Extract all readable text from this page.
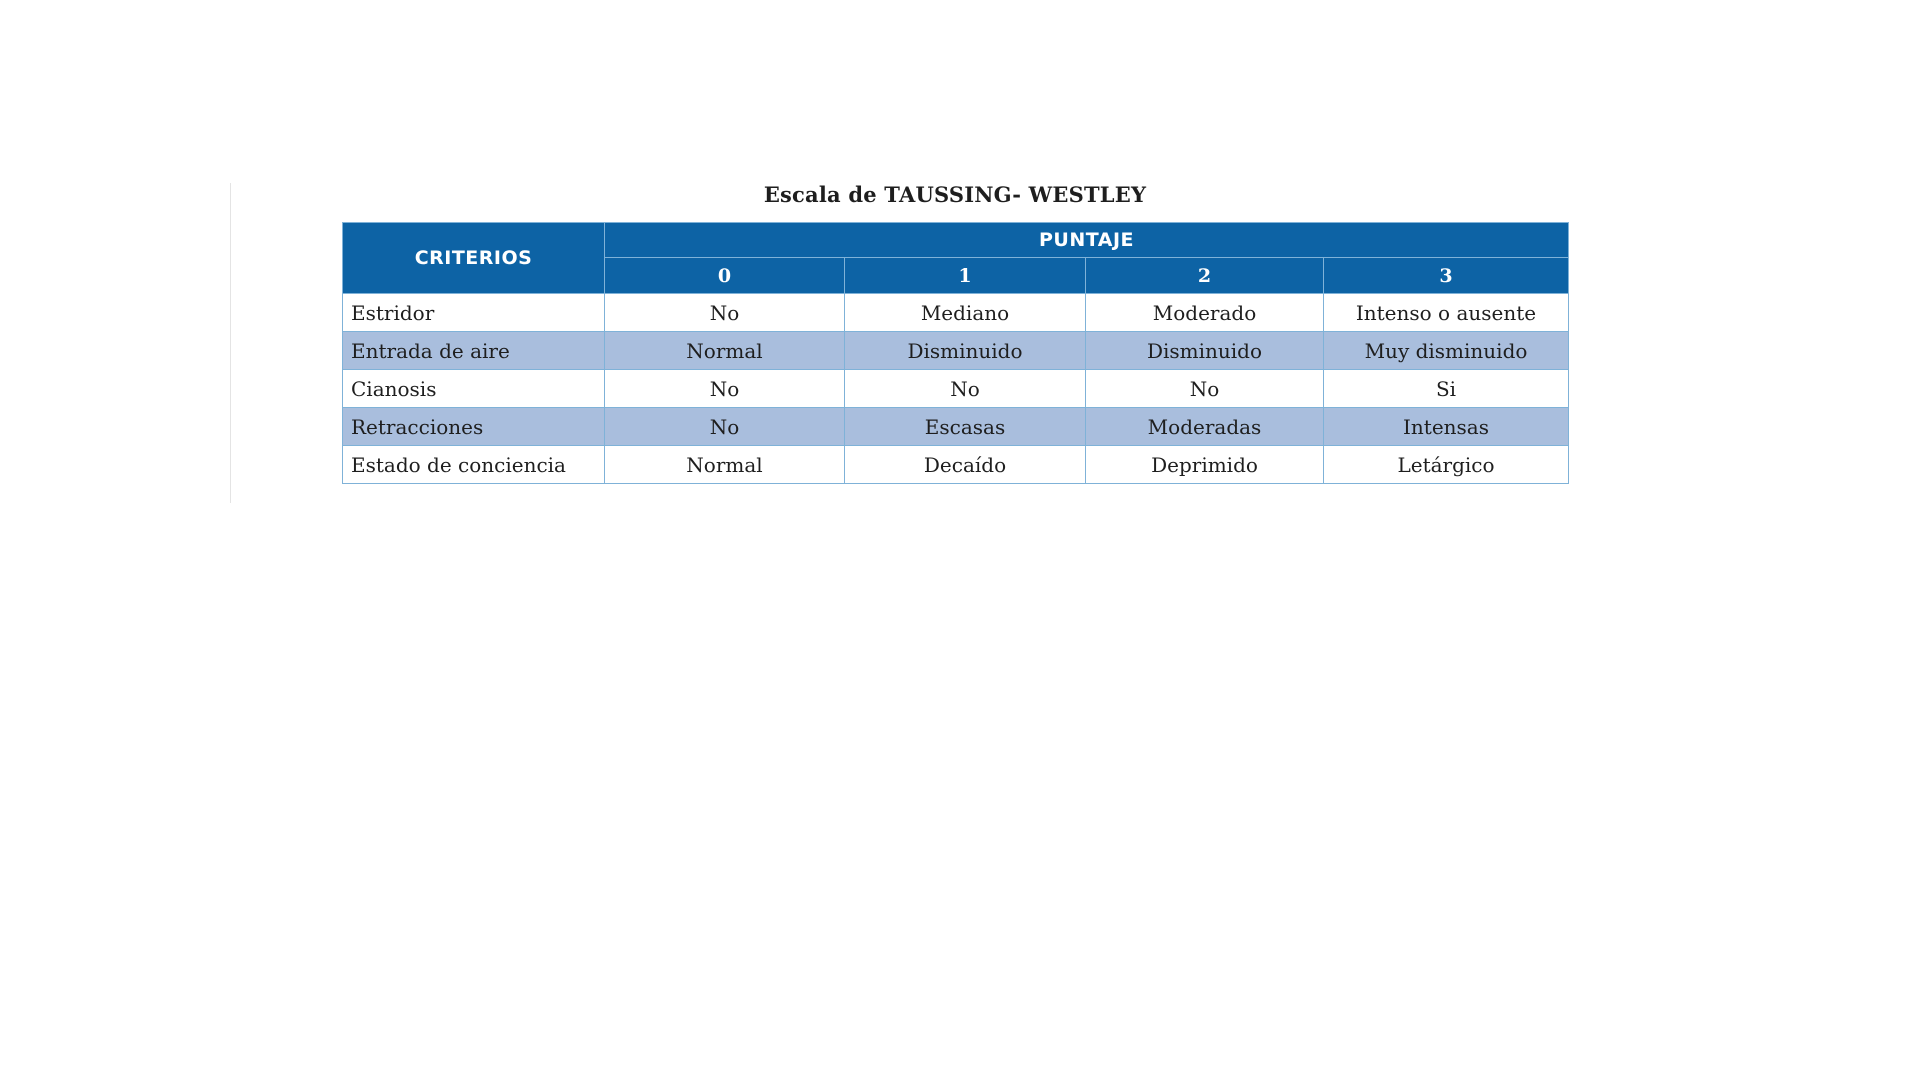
Escala de TAUSSING- WESTLEY
CRITERIOS	PUNTAJE			
	0	1	2	3
Estridor	No	Mediano	Moderado	Intenso o ausente
Entrada de aire	Normal	Disminuido	Disminuido	Muy disminuido
Cianosis	No	No	No	Si
Retracciones	No	Escasas	Moderadas	Intensas
Estado de conciencia	Normal	Decaído	Deprimido	Letárgico
